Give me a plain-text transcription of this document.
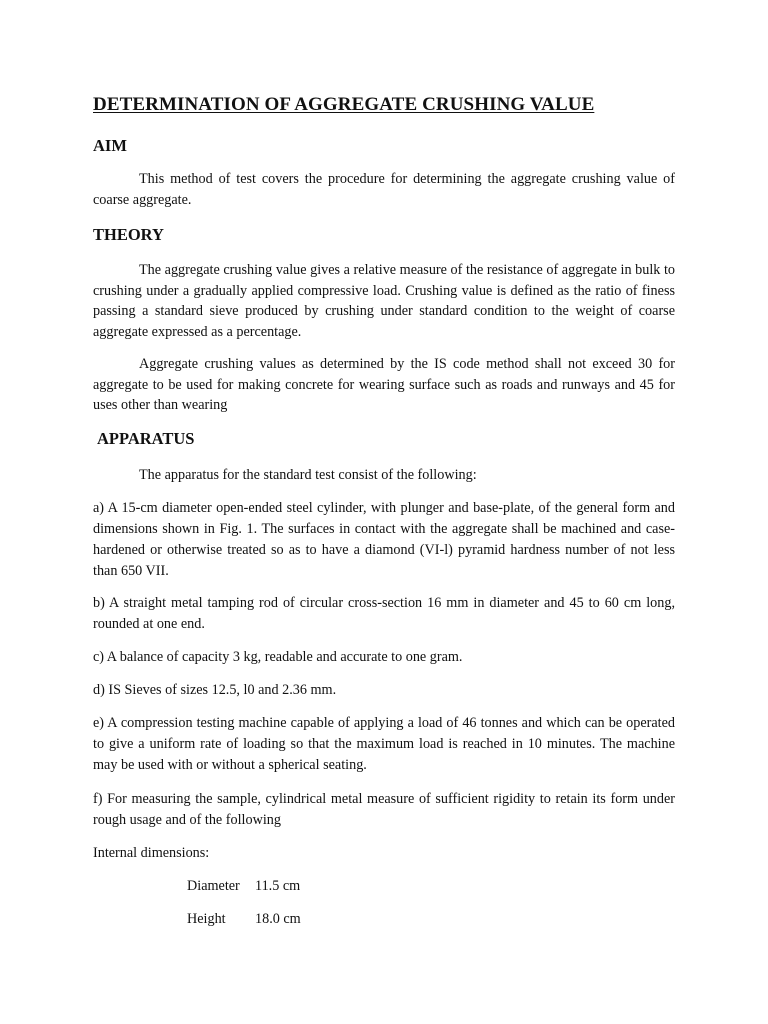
DETERMINATION OF AGGREGATE CRUSHING VALUE
AIM
This method of test covers the procedure for determining the aggregate crushing value of coarse aggregate.
THEORY
The aggregate crushing value gives a relative measure of the resistance of aggregate in bulk to crushing under a gradually applied compressive load. Crushing value is defined as the ratio of finess passing a standard sieve produced by crushing under standard condition to the weight of coarse aggregate expressed as a percentage.
Aggregate crushing values as determined by the IS code method shall not exceed 30 for aggregate to be used for making concrete for wearing surface such as roads and runways and 45 for uses other than wearing
APPARATUS
The apparatus for the standard test consist of the following:
a) A 15-cm diameter open-ended steel cylinder, with plunger and base-plate, of the general form and dimensions shown in Fig. 1. The surfaces in contact with the aggregate shall be machined and case-hardened or otherwise treated so as to have a diamond (VI-l) pyramid hardness number of not less than 650 VII.
b) A straight metal tamping rod of circular cross-section 16 mm in diameter and 45 to 60 cm long, rounded at one end.
c) A balance of capacity 3 kg, readable and accurate to one gram.
d) IS Sieves of sizes 12.5, l0 and 2.36 mm.
e) A compression testing machine capable of applying a load of 46 tonnes and which can be operated to give a uniform rate of loading so that the maximum load is reached in 10 minutes. The machine may be used with or without a spherical seating.
f) For measuring the sample, cylindrical metal measure of sufficient rigidity to retain its form under rough usage and of the following
Internal dimensions:
Diameter 11.5 cm
Height 18.0 cm
